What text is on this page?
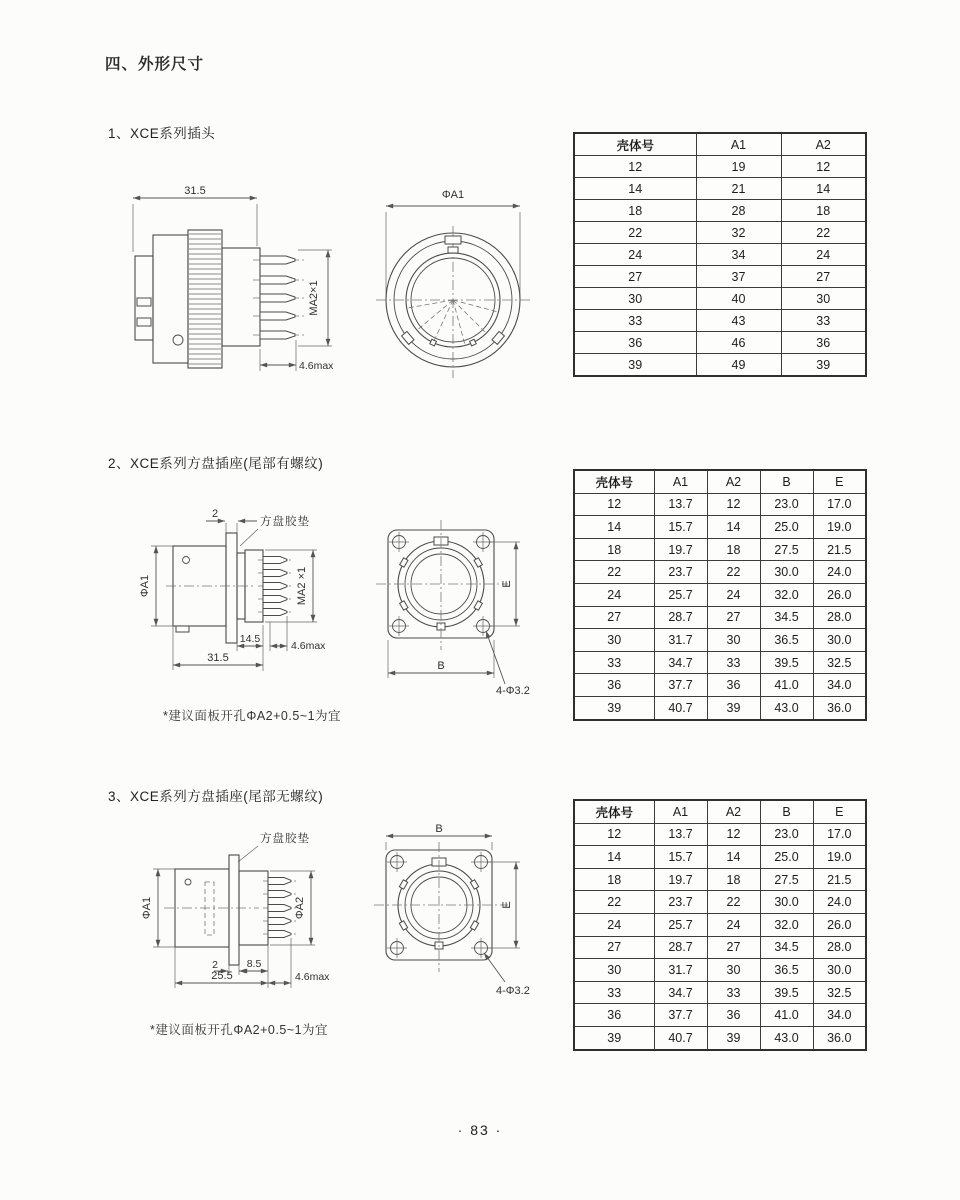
四、外形尺寸
1、XCE系列插头
31.5
MA2×1
4.6max
ΦA1
壳体号	A1	A2
12	19	12
14	21	14
18	28	18
22	32	22
24	34	24
27	37	27
30	40	30
33	43	33
36	46	36
39	49	39
2、XCE系列方盘插座(尾部有螺纹)
2
方盘胶垫
ΦA1	MA2 ×1
14.5
4.6max
31.5
E
B
4-Φ3.2
壳体号	A1	A2	B	E
12	13.7	12	23.0	17.0
14	15.7	14	25.0	19.0
18	19.7	18	27.5	21.5
22	23.7	22	30.0	24.0
24	25.7	24	32.0	26.0
27	28.7	27	34.5	28.0
30	31.7	30	36.5	30.0
33	34.7	33	39.5	32.5
36	37.7	36	41.0	34.0
39	40.7	39	43.0	36.0
*建议面板开孔ΦA2+0.5~1为宜
3、XCE系列方盘插座(尾部无螺纹)
方盘胶垫
ΦA1	ΦA2
2	8.5
25.5	4.6max
B
E
4-Φ3.2
壳体号	A1	A2	B	E
12	13.7	12	23.0	17.0
14	15.7	14	25.0	19.0
18	19.7	18	27.5	21.5
22	23.7	22	30.0	24.0
24	25.7	24	32.0	26.0
27	28.7	27	34.5	28.0
30	31.7	30	36.5	30.0
33	34.7	33	39.5	32.5
36	37.7	36	41.0	34.0
39	40.7	39	43.0	36.0
*建议面板开孔ΦA2+0.5~1为宜
· 83 ·
